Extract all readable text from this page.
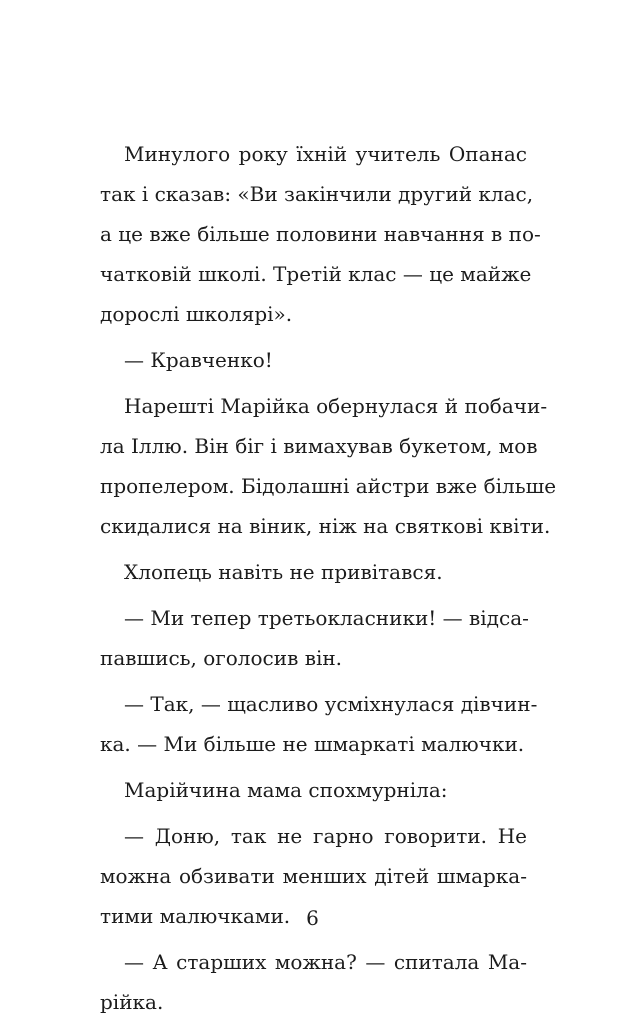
Минулого року їхній учитель Опанас
так і сказав: «Ви закінчили другий клас,
а це вже більше половини навчання в по-
чатковій школі. Третій клас — це майже
дорослі школярі».
— Кравченко!
Нарешті Марійка обернулася й побачи-
ла Іллю. Він біг і вимахував букетом, мов
пропелером. Бідолашні айстри вже більше
скидалися на віник, ніж на святкові квіти.
Хлопець навіть не привітався.
— Ми тепер третьокласники! — відса-
павшись, оголосив він.
— Так, — щасливо усміхнулася дівчин-
ка. — Ми більше не шмаркаті малючки.
Марійчина мама спохмурніла:
— Доню, так не гарно говорити. Не
можна обзивати менших дітей шмарка-
тими малючками.
— А старших можна? — спитала Ма-
рійка.
6
